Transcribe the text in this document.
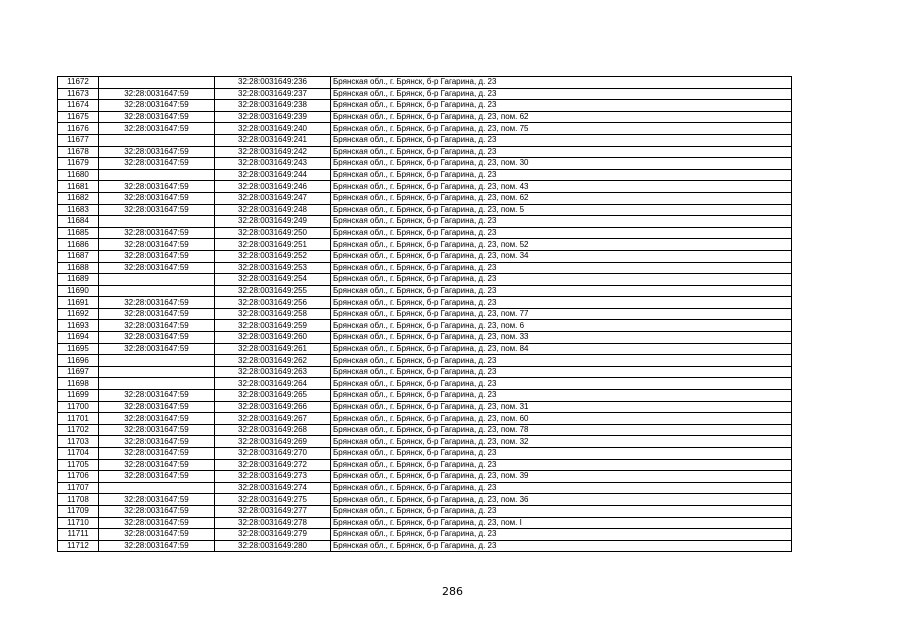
11672		32:28:0031649:236	Брянская обл., г. Брянск, б-р Гагарина, д. 23
11673	32:28:0031647:59	32:28:0031649:237	Брянская обл., г. Брянск, б-р Гагарина, д. 23
11674	32:28:0031647:59	32:28:0031649:238	Брянская обл., г. Брянск, б-р Гагарина, д. 23
11675	32:28:0031647:59	32:28:0031649:239	Брянская обл., г. Брянск, б-р Гагарина, д. 23, пом. 62
11676	32:28:0031647:59	32:28:0031649:240	Брянская обл., г. Брянск, б-р Гагарина, д. 23, пом. 75
11677		32:28:0031649:241	Брянская обл., г. Брянск, б-р Гагарина, д. 23
11678	32:28:0031647:59	32:28:0031649:242	Брянская обл., г. Брянск, б-р Гагарина, д. 23
11679	32:28:0031647:59	32:28:0031649:243	Брянская обл., г. Брянск, б-р Гагарина, д. 23, пом. 30
11680		32:28:0031649:244	Брянская обл., г. Брянск, б-р Гагарина, д. 23
11681	32:28:0031647:59	32:28:0031649:246	Брянская обл., г. Брянск, б-р Гагарина, д. 23, пом. 43
11682	32:28:0031647:59	32:28:0031649:247	Брянская обл., г. Брянск, б-р Гагарина, д. 23, пом. 62
11683	32:28:0031647:59	32:28:0031649:248	Брянская обл., г. Брянск, б-р Гагарина, д. 23, пом. 5
11684		32:28:0031649:249	Брянская обл., г. Брянск, б-р Гагарина, д. 23
11685	32:28:0031647:59	32:28:0031649:250	Брянская обл., г. Брянск, б-р Гагарина, д. 23
11686	32:28:0031647:59	32:28:0031649:251	Брянская обл., г. Брянск, б-р Гагарина, д. 23, пом. 52
11687	32:28:0031647:59	32:28:0031649:252	Брянская обл., г. Брянск, б-р Гагарина, д. 23, пом. 34
11688	32:28:0031647:59	32:28:0031649:253	Брянская обл., г. Брянск, б-р Гагарина, д. 23
11689		32:28:0031649:254	Брянская обл., г. Брянск, б-р Гагарина, д. 23
11690		32:28:0031649:255	Брянская обл., г. Брянск, б-р Гагарина, д. 23
11691	32:28:0031647:59	32:28:0031649:256	Брянская обл., г. Брянск, б-р Гагарина, д. 23
11692	32:28:0031647:59	32:28:0031649:258	Брянская обл., г. Брянск, б-р Гагарина, д. 23, пом. 77
11693	32:28:0031647:59	32:28:0031649:259	Брянская обл., г. Брянск, б-р Гагарина, д. 23, пом. 6
11694	32:28:0031647:59	32:28:0031649:260	Брянская обл., г. Брянск, б-р Гагарина, д. 23, пом. 33
11695	32:28:0031647:59	32:28:0031649:261	Брянская обл., г. Брянск, б-р Гагарина, д. 23, пом. 84
11696		32:28:0031649:262	Брянская обл., г. Брянск, б-р Гагарина, д. 23
11697		32:28:0031649:263	Брянская обл., г. Брянск, б-р Гагарина, д. 23
11698		32:28:0031649:264	Брянская обл., г. Брянск, б-р Гагарина, д. 23
11699	32:28:0031647:59	32:28:0031649:265	Брянская обл., г. Брянск, б-р Гагарина, д. 23
11700	32:28:0031647:59	32:28:0031649:266	Брянская обл., г. Брянск, б-р Гагарина, д. 23, пом. 31
11701	32:28:0031647:59	32:28:0031649:267	Брянская обл., г. Брянск, б-р Гагарина, д. 23, пом. 60
11702	32:28:0031647:59	32:28:0031649:268	Брянская обл., г. Брянск, б-р Гагарина, д. 23, пом. 78
11703	32:28:0031647:59	32:28:0031649:269	Брянская обл., г. Брянск, б-р Гагарина, д. 23, пом. 32
11704	32:28:0031647:59	32:28:0031649:270	Брянская обл., г. Брянск, б-р Гагарина, д. 23
11705	32:28:0031647:59	32:28:0031649:272	Брянская обл., г. Брянск, б-р Гагарина, д. 23
11706	32:28:0031647:59	32:28:0031649:273	Брянская обл., г. Брянск, б-р Гагарина, д. 23, пом. 39
11707		32:28:0031649:274	Брянская обл., г. Брянск, б-р Гагарина, д. 23
11708	32:28:0031647:59	32:28:0031649:275	Брянская обл., г. Брянск, б-р Гагарина, д. 23, пом. 36
11709	32:28:0031647:59	32:28:0031649:277	Брянская обл., г. Брянск, б-р Гагарина, д. 23
11710	32:28:0031647:59	32:28:0031649:278	Брянская обл., г. Брянск, б-р Гагарина, д. 23, пом. I
11711	32:28:0031647:59	32:28:0031649:279	Брянская обл., г. Брянск, б-р Гагарина, д. 23
11712	32:28:0031647:59	32:28:0031649:280	Брянская обл., г. Брянск, б-р Гагарина, д. 23
286
